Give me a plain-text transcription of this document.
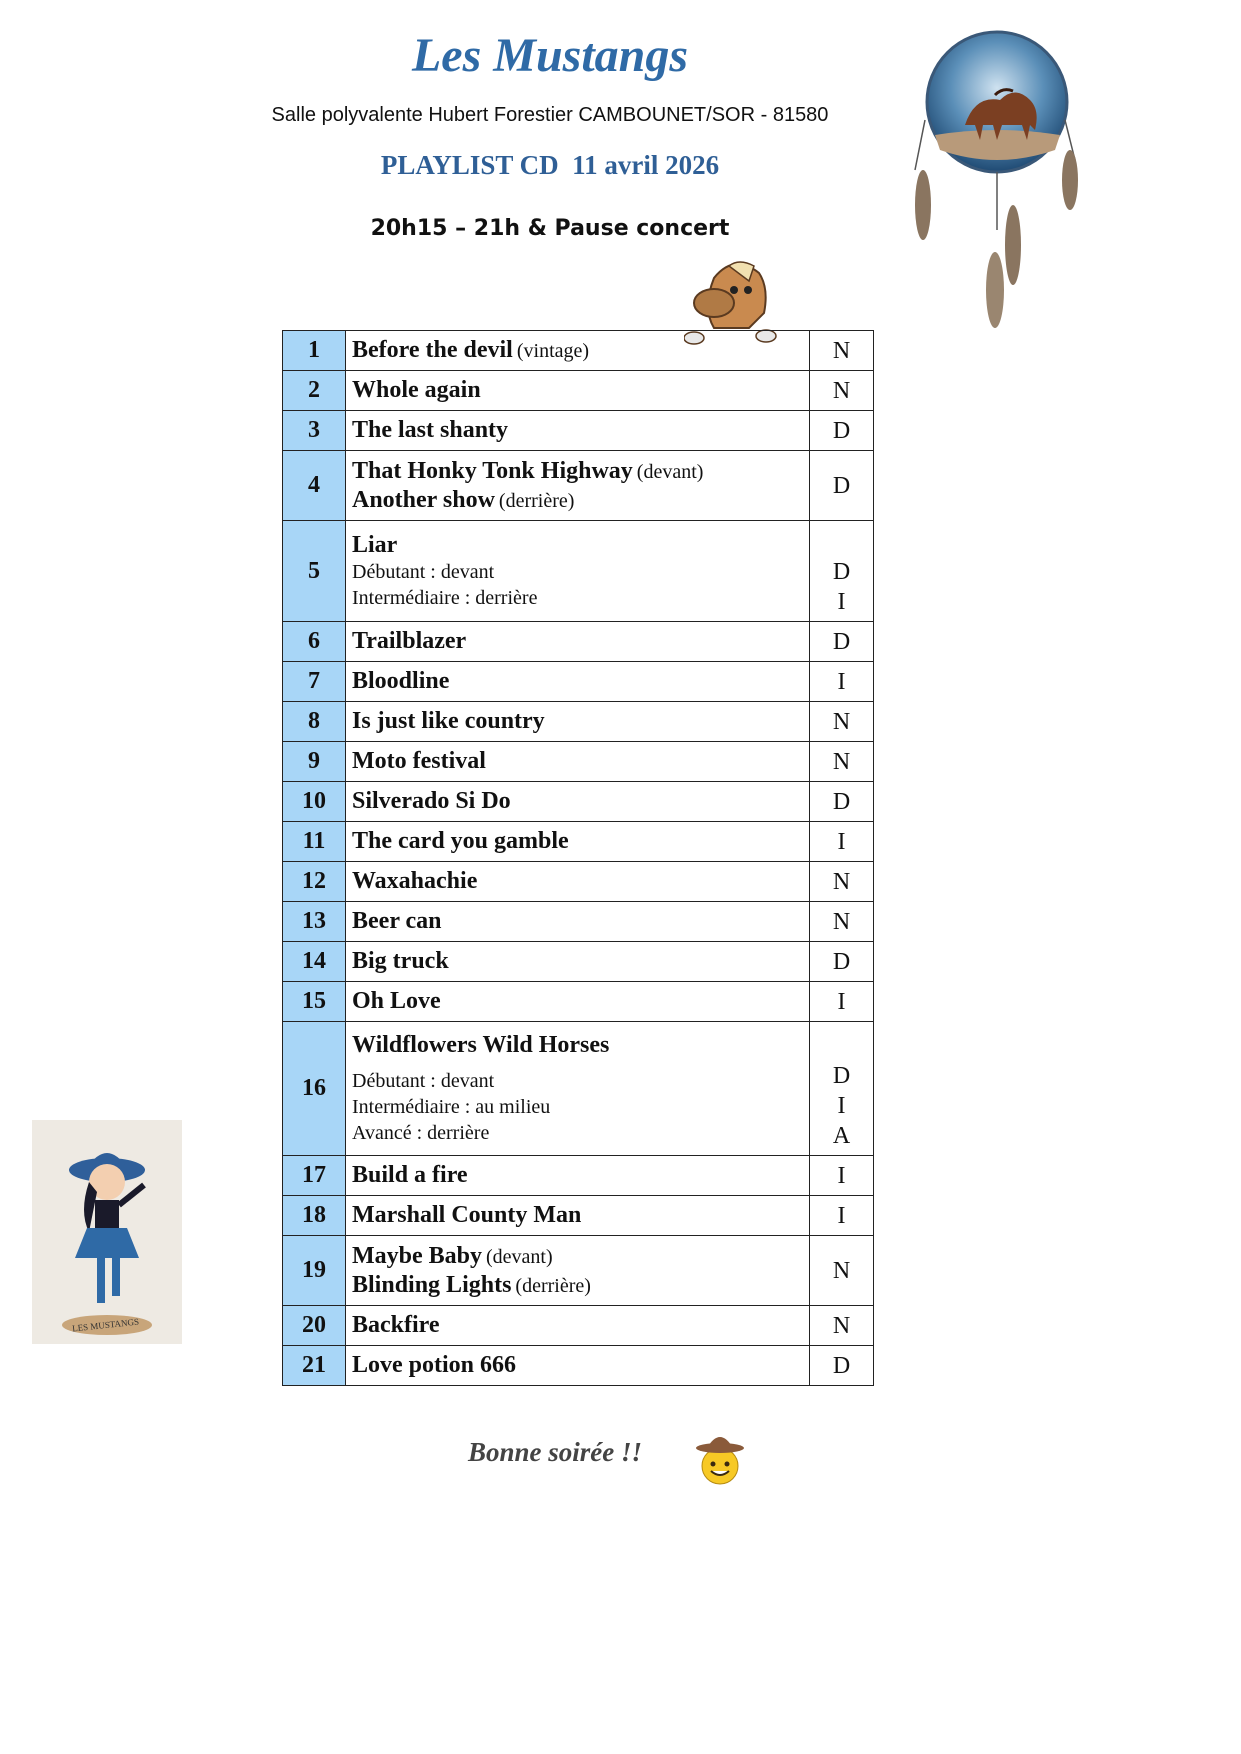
Les Mustangs
Salle polyvalente Hubert Forestier CAMBOUNET/SOR - 81580
PLAYLIST CD  11 avril 2026
20h15 – 21h & Pause concert
1	Before the devil (vintage)	N

2	Whole again	N

3	The last shanty	D

4	That Honky Tonk Highway (devant)
Another show (derrière)	D

5	Liar
Débutant : devant
Intermédiaire : derrière	D
I

6	Trailblazer	D

7	Bloodline	I

8	Is just like country	N

9	Moto festival	N

10	Silverado Si Do	D

11	The card you gamble	I

12	Waxahachie	N

13	Beer can	N

14	Big truck	D

15	Oh Love	I

16	Wildflowers Wild Horses
Débutant : devant
Intermédiaire : au milieu
Avancé : derrière	D
I
A

17	Build a fire	I

18	Marshall County Man	I

19	Maybe Baby (devant)
Blinding Lights (derrière)	N

20	Backfire	N

21	Love potion 666	D
LES MUSTANGS
Bonne soirée !!
